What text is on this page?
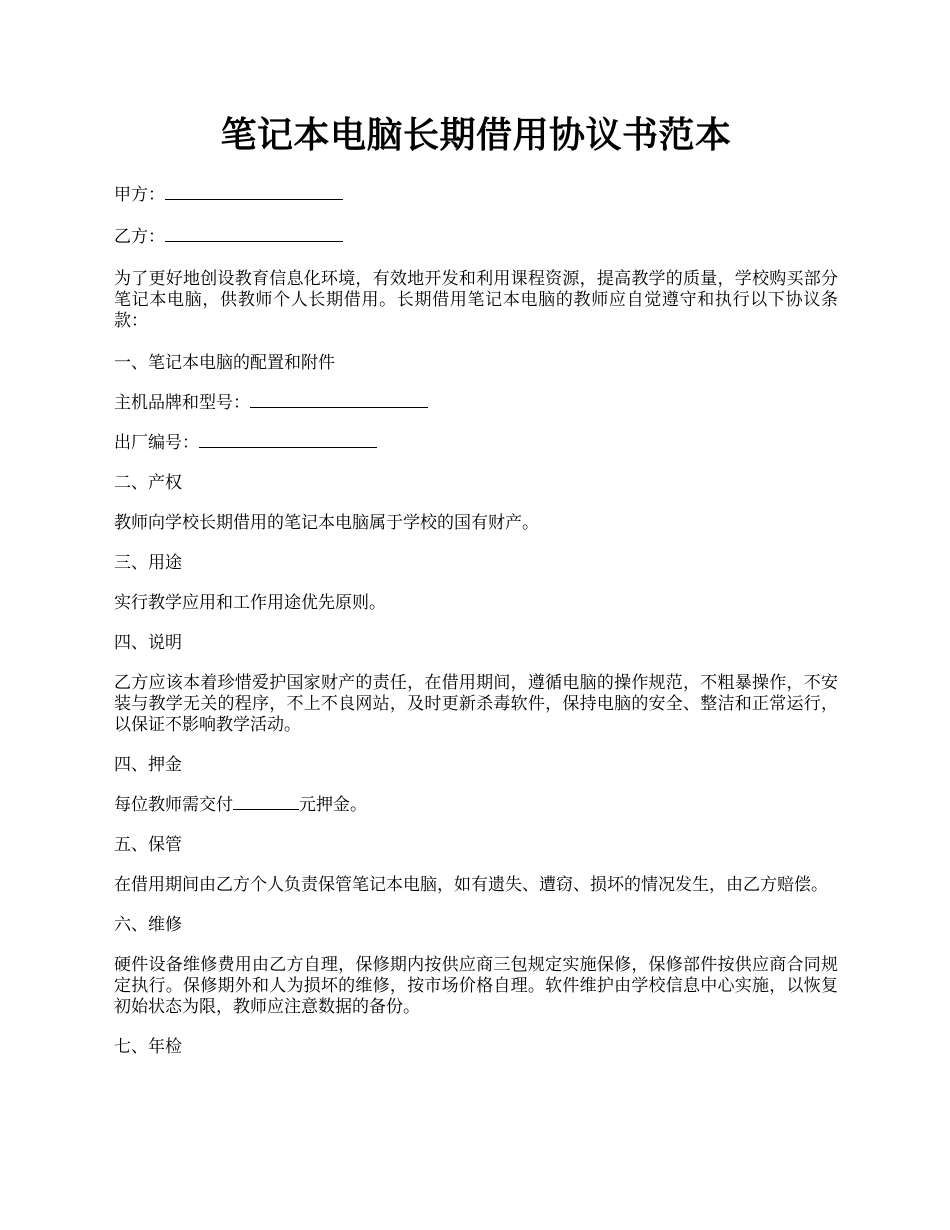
笔记本电脑长期借用协议书范本

甲方：

乙方：

为了更好地创设教育信息化环境，有效地开发和利用课程资源，提高教学的质量，学校购买部分笔记本电脑，供教师个人长期借用。长期借用笔记本电脑的教师应自觉遵守和执行以下协议条款：

一、笔记本电脑的配置和附件

主机品牌和型号：

出厂编号：

二、产权

教师向学校长期借用的笔记本电脑属于学校的国有财产。

三、用途

实行教学应用和工作用途优先原则。

四、说明

乙方应该本着珍惜爱护国家财产的责任，在借用期间，遵循电脑的操作规范，不粗暴操作，不安装与教学无关的程序，不上不良网站，及时更新杀毒软件，保持电脑的安全、整洁和正常运行，以保证不影响教学活动。

四、押金

每位教师需交付	元押金。

五、保管

在借用期间由乙方个人负责保管笔记本电脑，如有遗失、遭窃、损坏的情况发生，由乙方赔偿。

六、维修

硬件设备维修费用由乙方自理，保修期内按供应商三包规定实施保修，保修部件按供应商合同规定执行。保修期外和人为损坏的维修，按市场价格自理。软件维护由学校信息中心实施，以恢复初始状态为限，教师应注意数据的备份。

七、年检
